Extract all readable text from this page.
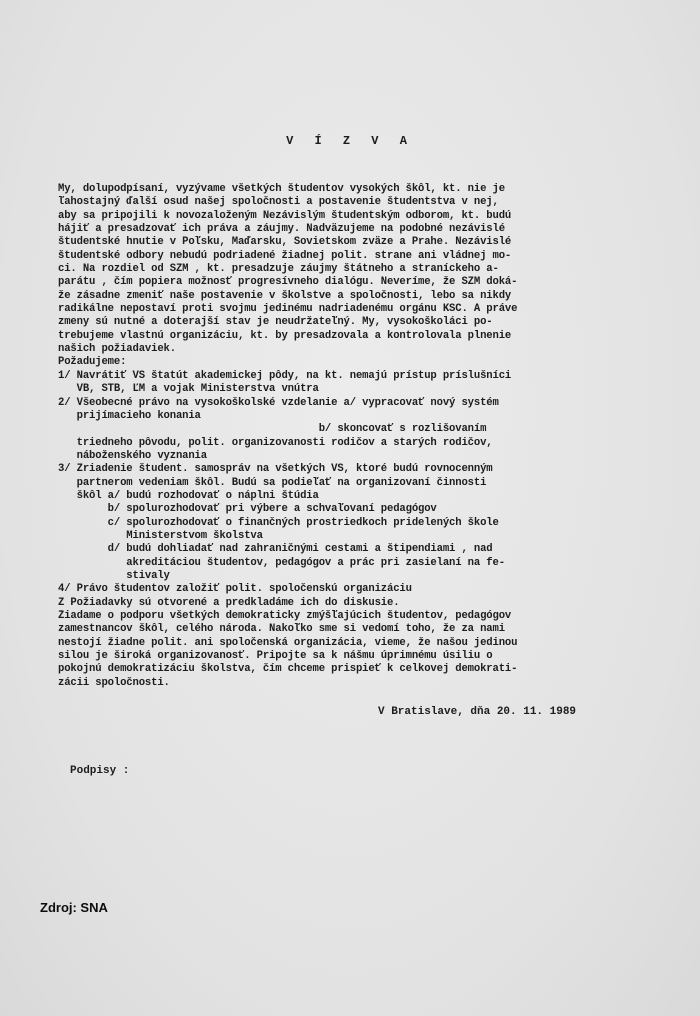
V Í Z V A
My, dolupodpísaní, vyzývame všetkých študentov vysokých škôl, kt. nie je
ľahostajný ďalší osud našej spoločnosti a postavenie študentstva v nej,
aby sa pripojili k novozaloženým Nezávislým študentským odborom, kt. budú
hájiť a presadzovať ich práva a záujmy. Nadväzujeme na podobné nezávislé
študentské hnutie v Poľsku, Maďarsku, Sovietskom zväze a Prahe. Nezávislé
študentské odbory nebudú podriadené žiadnej polit. strane ani vládnej mo-
ci. Na rozdiel od SZM , kt. presadzuje záujmy štátneho a straníckeho a-
parátu , čím popiera možnosť progresívneho dialógu. Neveríme, že SZM doká-
že zásadne zmeniť naše postavenie v školstve a spoločnosti, lebo sa nikdy
radikálne nepostaví proti svojmu jedinému nadriadenému orgánu KSČ. A práve
zmeny sú nutné a doterajší stav je neudržateľný. My, vysokoškoláci po-
trebujeme vlastnú organizáciu, kt. by presadzovala a kontrolovala plnenie
našich požiadaviek.
Požadujeme:
1/ Navrátiť VŠ štatút akademickej pôdy, na kt. nemajú prístup príslušníci
VB, ŠTB, ĽM a vojak Ministerstva vnútra
2/ Všeobecné právo na vysokoškolské vzdelanie a/ vypracovať nový systém
prijímacieho konania
b/ skoncovať s rozlišovaním
triedneho pôvodu, polit. organizovanosti rodičov a starých rodičov,
náboženského vyznania
3/ Zriadenie študent. samospráv na všetkých VŠ, ktoré budú rovnocenným
partnerom vedeniam škôl. Budú sa podieľať na organizovaní činnosti
škôl a/ budú rozhodovať o náplni štúdia
b/ spolurozhodovať pri výbere a schvaľovaní pedagógov
c/ spolurozhodovať o finančných prostriedkoch pridelených škole
Ministerstvom školstva
d/ budú dohliadať nad zahraničnými cestami a štipendiami , nad
akreditáciou študentov, pedagógov a prác pri zasielaní na fe-
stivaly
4/ Právo študentov založiť polit. spoločenskú organizáciu
Z Požiadavky sú otvorené a predkladáme ich do diskusie.
Žiadame o podporu všetkých demokraticky zmýšľajúcich študentov, pedagógov
zamestnancov škôl, celého národa. Nakoľko sme si vedomí toho, že za nami
nestojí žiadne polit. ani spoločenská organizácia, vieme, že našou jedinou
silou je široká organizovanosť. Pripojte sa k nášmu úprimnému úsiliu o
pokojnú demokratizáciu školstva, čím chceme prispieť k celkovej demokrati-
zácii spoločnosti.
V Bratislave, dňa 20. 11. 1989
Podpisy :
Zdroj: SNA
